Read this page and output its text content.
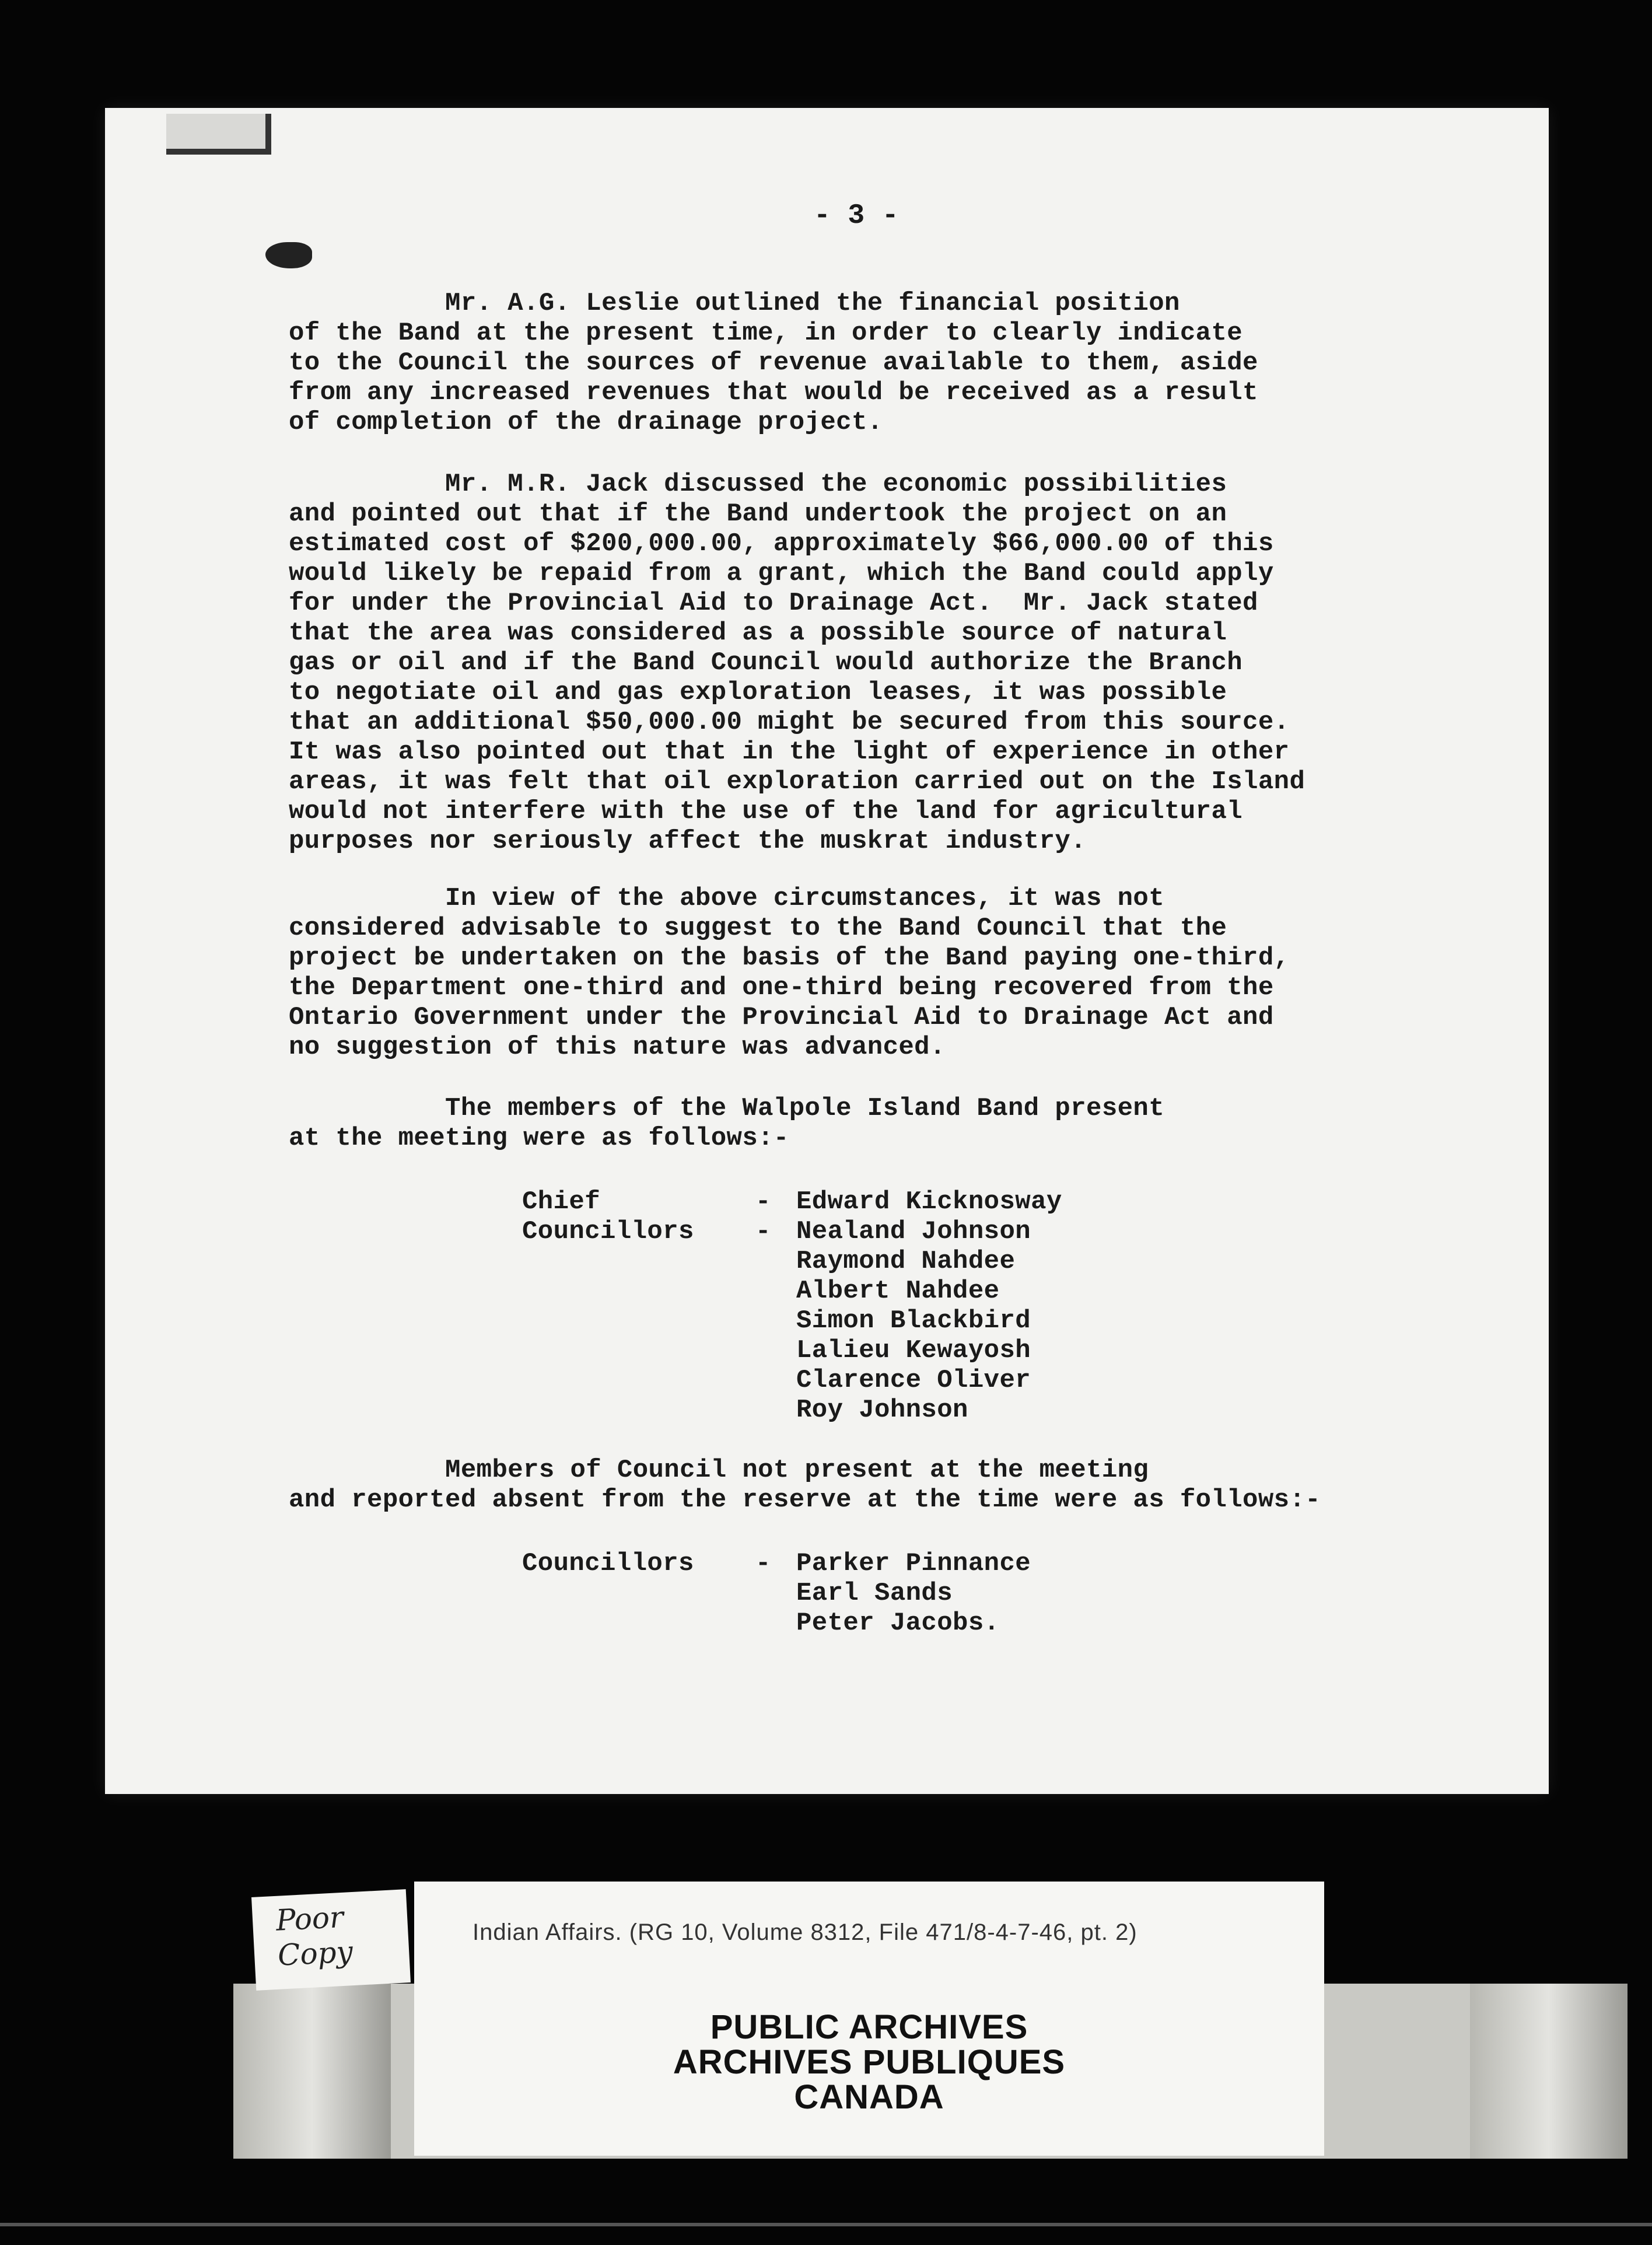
- 3 -

Mr. A.G. Leslie outlined the financial position
of the Band at the present time, in order to clearly indicate
to the Council the sources of revenue available to them, aside
from any increased revenues that would be received as a result
of completion of the drainage project.

Mr. M.R. Jack discussed the economic possibilities
and pointed out that if the Band undertook the project on an
estimated cost of $200,000.00, approximately $66,000.00 of this
would likely be repaid from a grant, which the Band could apply
for under the Provincial Aid to Drainage Act.  Mr. Jack stated
that the area was considered as a possible source of natural
gas or oil and if the Band Council would authorize the Branch
to negotiate oil and gas exploration leases, it was possible
that an additional $50,000.00 might be secured from this source.
It was also pointed out that in the light of experience in other
areas, it was felt that oil exploration carried out on the Island
would not interfere with the use of the land for agricultural
purposes nor seriously affect the muskrat industry.

In view of the above circumstances, it was not
considered advisable to suggest to the Band Council that the
project be undertaken on the basis of the Band paying one-third,
the Department one-third and one-third being recovered from the
Ontario Government under the Provincial Aid to Drainage Act and
no suggestion of this nature was advanced.

The members of the Walpole Island Band present
at the meeting were as follows:-

Chief	- Edward Kicknosway
Councillors	- Nealand Johnson
Raymond Nahdee
Albert Nahdee
Simon Blackbird
Lalieu Kewayosh
Clarence Oliver
Roy Johnson

Members of Council not present at the meeting
and reported absent from the reserve at the time were as follows:-

Councillors	- Parker Pinnance
Earl Sands
Peter Jacobs.
Poor
Copy
Indian Affairs. (RG 10, Volume 8312, File 471/8-4-7-46, pt. 2)
PUBLIC ARCHIVES
ARCHIVES PUBLIQUES
CANADA
